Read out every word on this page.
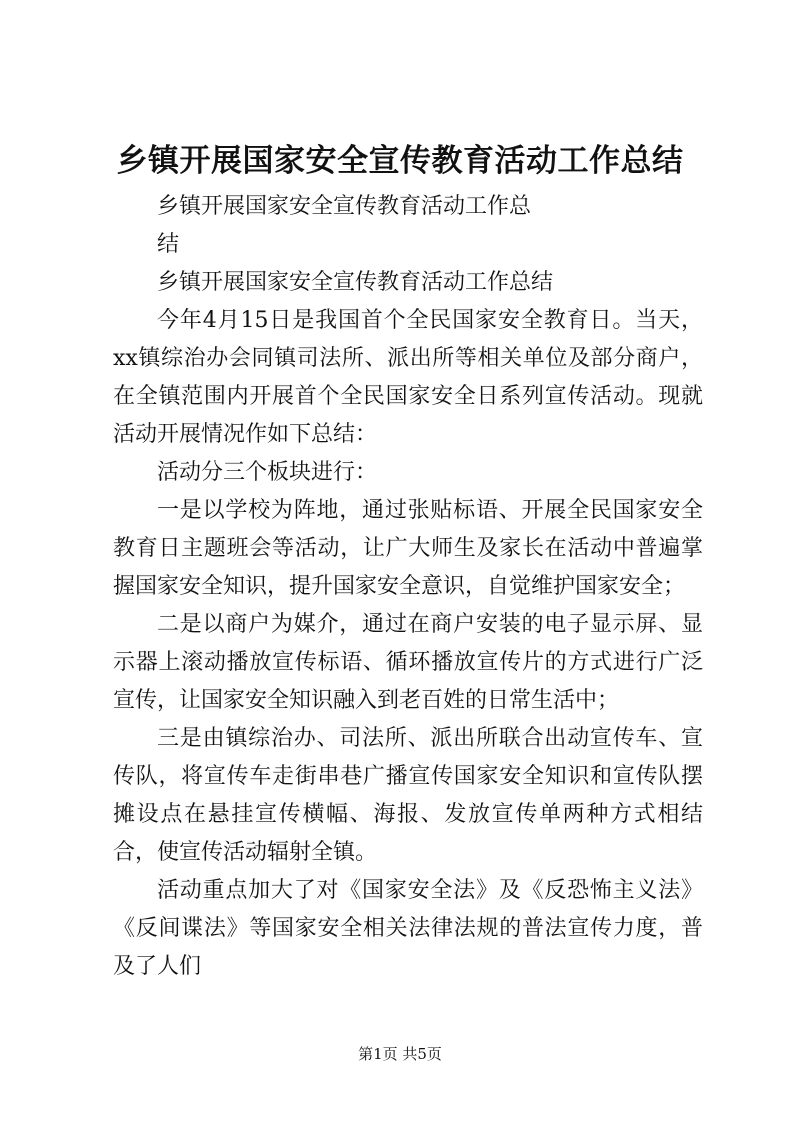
乡镇开展国家安全宣传教育活动工作总结

乡镇开展国家安全宣传教育活动工作总

结

乡镇开展国家安全宣传教育活动工作总结

今年4月15日是我国首个全民国家安全教育日。当天，xx镇综治办会同镇司法所、派出所等相关单位及部分商户，在全镇范围内开展首个全民国家安全日系列宣传活动。现就活动开展情况作如下总结：

活动分三个板块进行：

一是以学校为阵地，通过张贴标语、开展全民国家安全教育日主题班会等活动，让广大师生及家长在活动中普遍掌握国家安全知识，提升国家安全意识，自觉维护国家安全；

二是以商户为媒介，通过在商户安装的电子显示屏、显示器上滚动播放宣传标语、循环播放宣传片的方式进行广泛宣传，让国家安全知识融入到老百姓的日常生活中；

三是由镇综治办、司法所、派出所联合出动宣传车、宣传队，将宣传车走街串巷广播宣传国家安全知识和宣传队摆摊设点在悬挂宣传横幅、海报、发放宣传单两种方式相结合，使宣传活动辐射全镇。

活动重点加大了对《国家安全法》及《反恐怖主义法》《反间谍法》等国家安全相关法律法规的普法宣传力度，普及了人们

第1页 共5页
